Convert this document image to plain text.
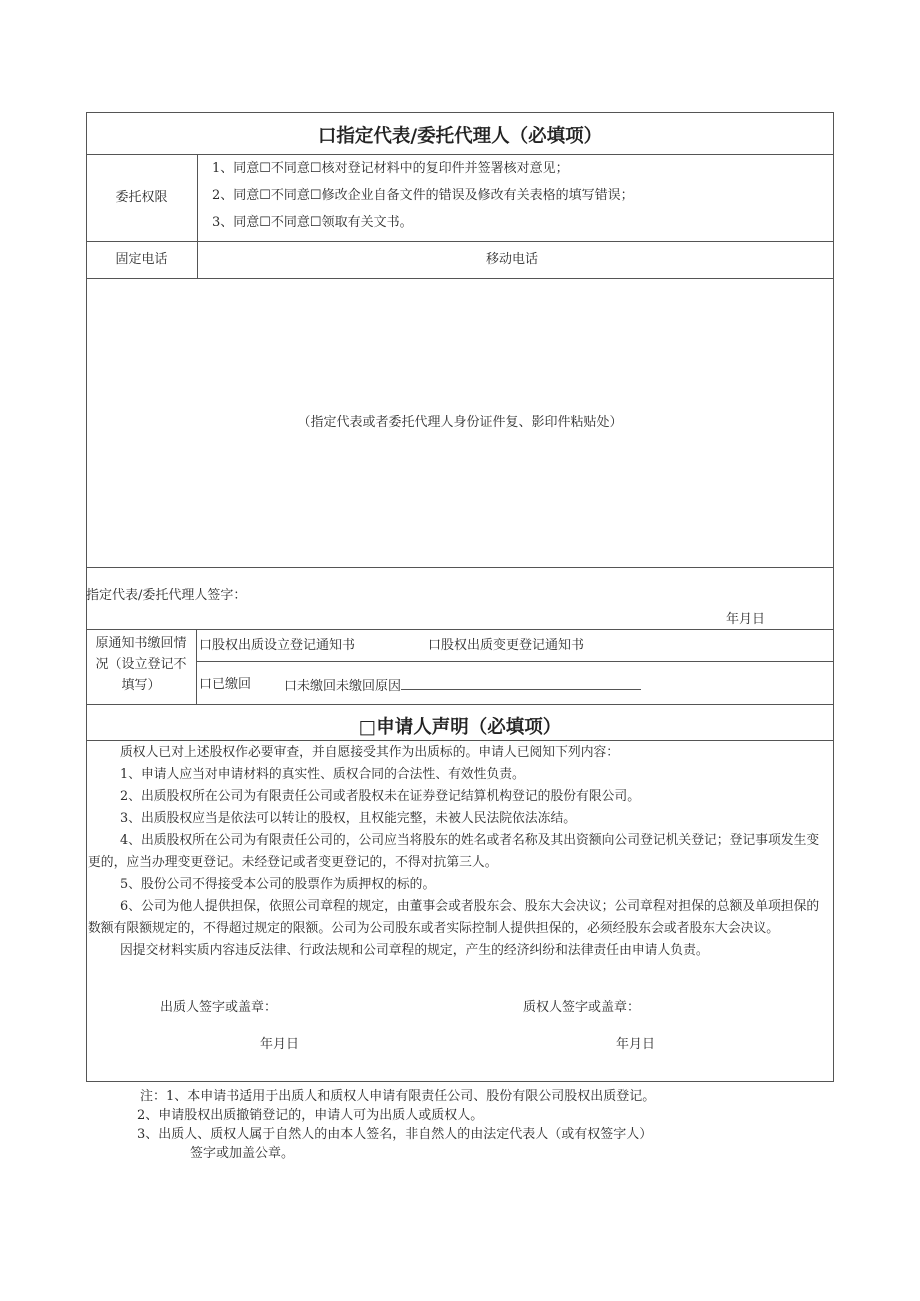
口指定代表/委托代理人（必填项）
委托权限
1、同意☐不同意☐核对登记材料中的复印件并签署核对意见；
2、同意☐不同意☐修改企业自备文件的错误及修改有关表格的填写错误；
3、同意☐不同意☐领取有关文书。
固定电话	移动电话
（指定代表或者委托代理人身份证件复、影印件粘贴处）
指定代表/委托代理人签字：
年月日
原通知书缴回情
况（设立登记不
填写）
口股权出质设立登记通知书	口股权出质变更登记通知书
口已缴回	口未缴回未缴回原因
□申请人声明（必填项）
质权人已对上述股权作必要审查，并自愿接受其作为出质标的。申请人已阅知下列内容：
1、申请人应当对申请材料的真实性、质权合同的合法性、有效性负责。
2、出质股权所在公司为有限责任公司或者股权未在证券登记结算机构登记的股份有限公司。
3、出质股权应当是依法可以转让的股权，且权能完整，未被人民法院依法冻结。
4、出质股权所在公司为有限责任公司的，公司应当将股东的姓名或者名称及其出资额向公司登记机关登记；登记事项发生变更的，应当办理变更登记。未经登记或者变更登记的，不得对抗第三人。
5、股份公司不得接受本公司的股票作为质押权的标的。
6、公司为他人提供担保，依照公司章程的规定，由董事会或者股东会、股东大会决议；公司章程对担保的总额及单项担保的数额有限额规定的，不得超过规定的限额。公司为公司股东或者实际控制人提供担保的，必须经股东会或者股东大会决议。
因提交材料实质内容违反法律、行政法规和公司章程的规定，产生的经济纠纷和法律责任由申请人负责。
出质人签字或盖章：	质权人签字或盖章：
年月日	年月日
注：1、本申请书适用于出质人和质权人申请有限责任公司、股份有限公司股权出质登记。
2、申请股权出质撤销登记的，申请人可为出质人或质权人。
3、出质人、质权人属于自然人的由本人签名，非自然人的由法定代表人（或有权签字人）
签字或加盖公章。
